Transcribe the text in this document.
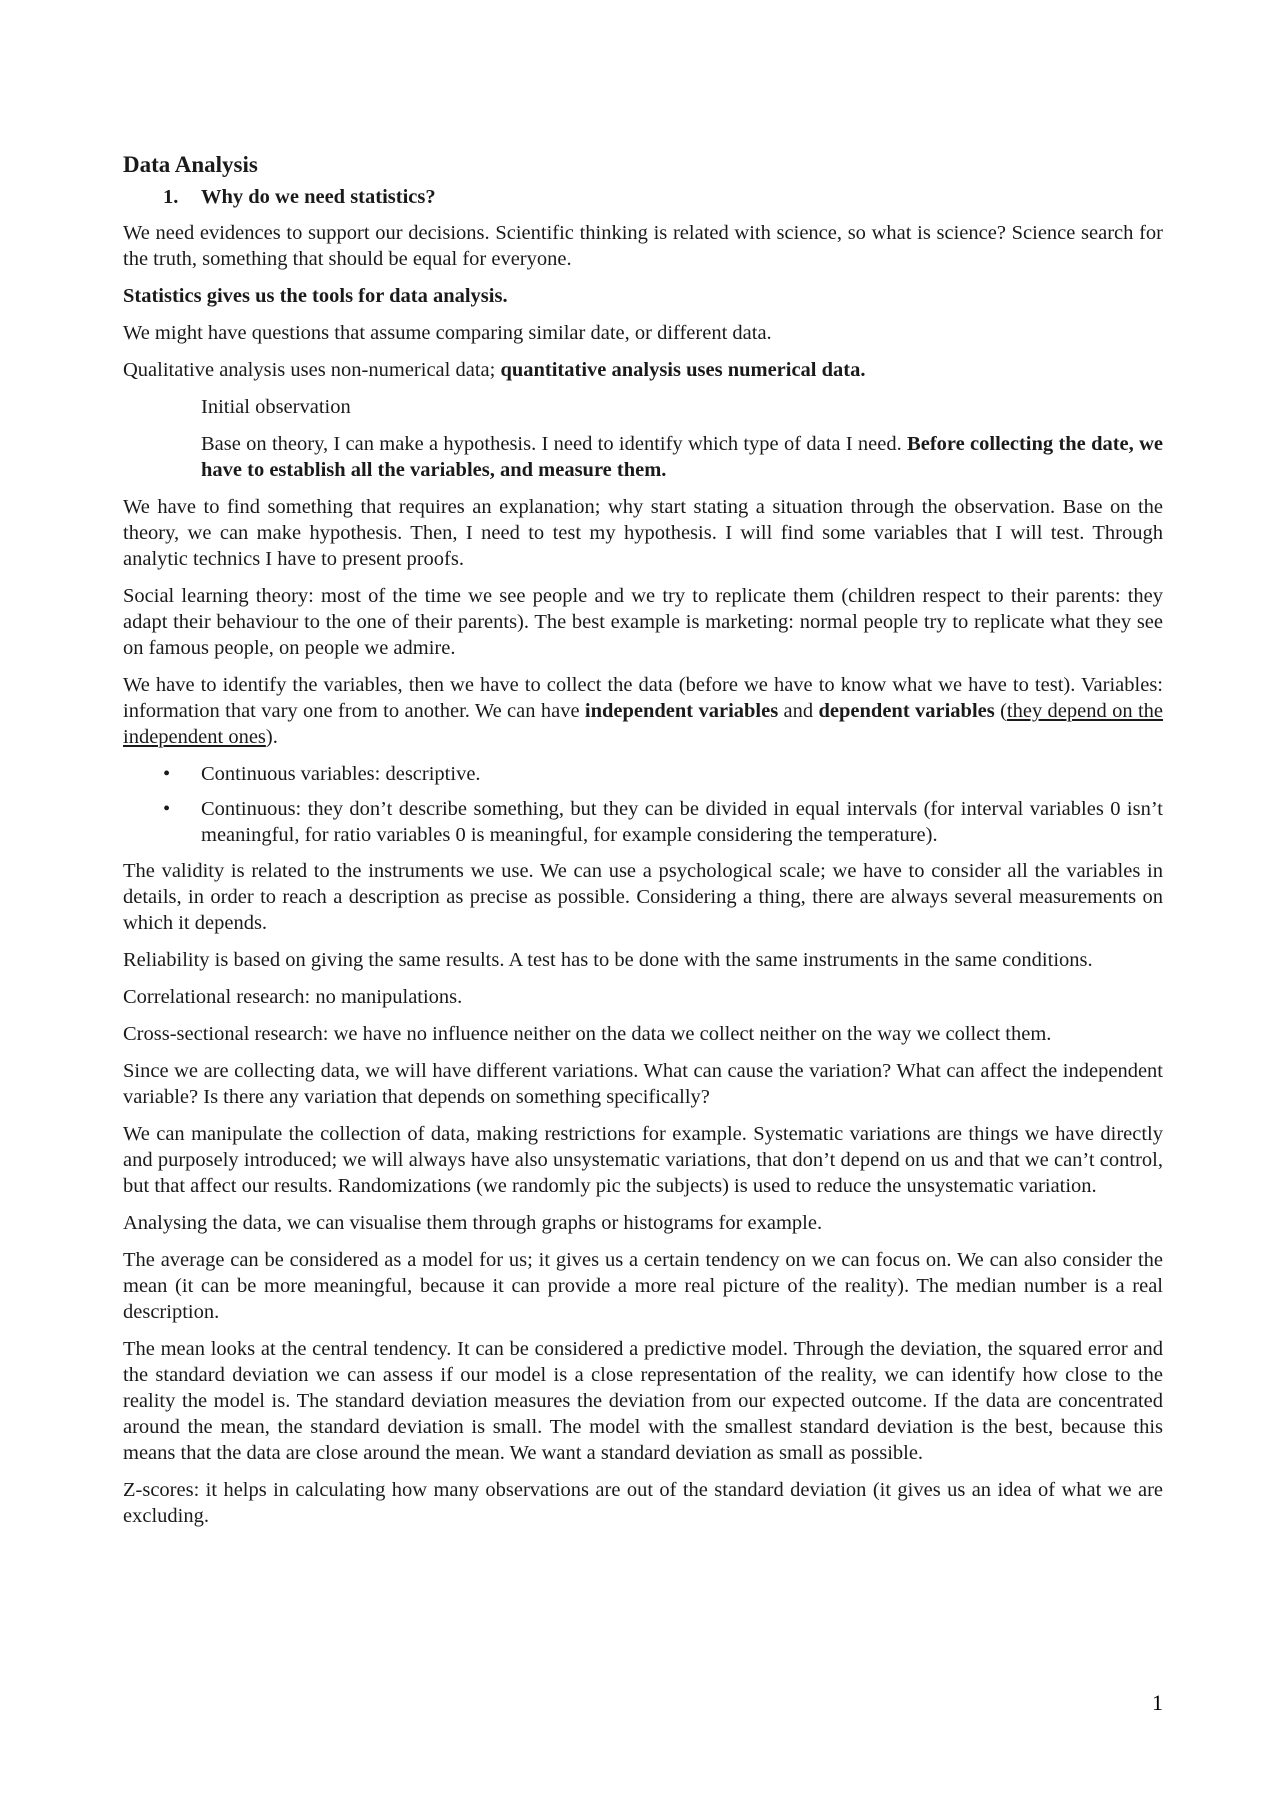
Data Analysis
1. Why do we need statistics?

We need evidences to support our decisions. Scientific thinking is related with science, so what is science? Science search for the truth, something that should be equal for everyone.

Statistics gives us the tools for data analysis.

We might have questions that assume comparing similar date, or different data.

Qualitative analysis uses non-numerical data; quantitative analysis uses numerical data.

Initial observation

Base on theory, I can make a hypothesis. I need to identify which type of data I need. Before collecting the date, we have to establish all the variables, and measure them.

We have to find something that requires an explanation; why start stating a situation through the observation. Base on the theory, we can make hypothesis. Then, I need to test my hypothesis. I will find some variables that I will test. Through analytic technics I have to present proofs.

Social learning theory: most of the time we see people and we try to replicate them (children respect to their parents: they adapt their behaviour to the one of their parents). The best example is marketing: normal people try to replicate what they see on famous people, on people we admire.

We have to identify the variables, then we have to collect the data (before we have to know what we have to test). Variables: information that vary one from to another. We can have independent variables and dependent variables (they depend on the independent ones).

• Continuous variables: descriptive.
• Continuous: they don’t describe something, but they can be divided in equal intervals (for interval variables 0 isn’t meaningful, for ratio variables 0 is meaningful, for example considering the temperature).

The validity is related to the instruments we use. We can use a psychological scale; we have to consider all the variables in details, in order to reach a description as precise as possible. Considering a thing, there are always several measurements on which it depends.

Reliability is based on giving the same results. A test has to be done with the same instruments in the same conditions.

Correlational research: no manipulations.

Cross-sectional research: we have no influence neither on the data we collect neither on the way we collect them.

Since we are collecting data, we will have different variations. What can cause the variation? What can affect the independent variable? Is there any variation that depends on something specifically?

We can manipulate the collection of data, making restrictions for example. Systematic variations are things we have directly and purposely introduced; we will always have also unsystematic variations, that don’t depend on us and that we can’t control, but that affect our results. Randomizations (we randomly pic the subjects) is used to reduce the unsystematic variation.

Analysing the data, we can visualise them through graphs or histograms for example.

The average can be considered as a model for us; it gives us a certain tendency on we can focus on. We can also consider the mean (it can be more meaningful, because it can provide a more real picture of the reality). The median number is a real description.

The mean looks at the central tendency. It can be considered a predictive model. Through the deviation, the squared error and the standard deviation we can assess if our model is a close representation of the reality, we can identify how close to the reality the model is. The standard deviation measures the deviation from our expected outcome. If the data are concentrated around the mean, the standard deviation is small. The model with the smallest standard deviation is the best, because this means that the data are close around the mean. We want a standard deviation as small as possible.

Z-scores: it helps in calculating how many observations are out of the standard deviation (it gives us an idea of what we are excluding.

1
